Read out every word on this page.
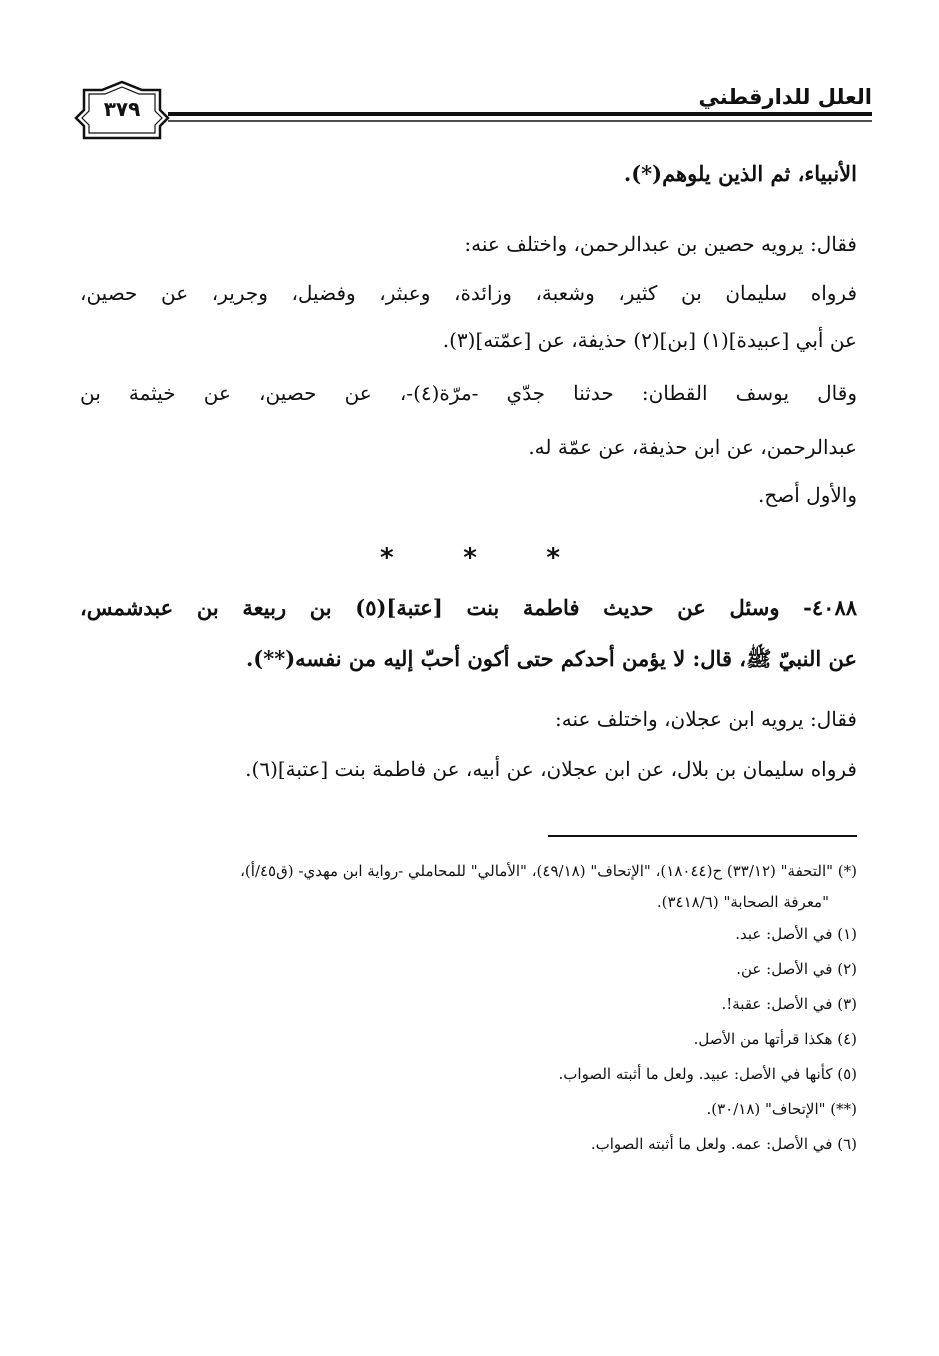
العلل للدارقطني
٣٧٩
الأنبياء، ثم الذين يلوهم(*).
فقال: يرويه حصين بن عبدالرحمن، واختلف عنه:
فرواه سليمان بن كثير، وشعبة، وزائدة، وعبثر، وفضيل، وجرير، عن حصين،
عن أبي [عبيدة](١) [بن](٢) حذيفة، عن [عمّته](٣).
وقال يوسف القطان: حدثنا جدّي -مرّة(٤)-، عن حصين، عن خيثمة بن
عبدالرحمن، عن ابن حذيفة، عن عمّة له.
والأول أصح.
*	*	*
٤٠٨٨- وسئل عن حديث فاطمة بنت [عتبة](٥) بن ربيعة بن عبدشمس،
عن النبيّ ﷺ، قال: لا يؤمن أحدكم حتى أكون أحبّ إليه من نفسه(**).
فقال: يرويه ابن عجلان، واختلف عنه:
فرواه سليمان بن بلال، عن ابن عجلان، عن أبيه، عن فاطمة بنت [عتبة](٦).

(*) "التحفة" (٣٣/١٢) ح(١٨٠٤٤)، "الإتحاف" (٤٩/١٨)، "الأمالي" للمحاملي -رواية ابن مهدي- (ق٤٥/أ)،

"معرفة الصحابة" (٣٤١٨/٦).

(١) في الأصل: عبد.

(٢) في الأصل: عن.

(٣) في الأصل: عقبة!.

(٤) هكذا قرأتها من الأصل.

(٥) كأنها في الأصل: عبيد. ولعل ما أثبته الصواب.

(**) "الإتحاف" (٣٠/١٨).

(٦) في الأصل: عمه. ولعل ما أثبته الصواب.
